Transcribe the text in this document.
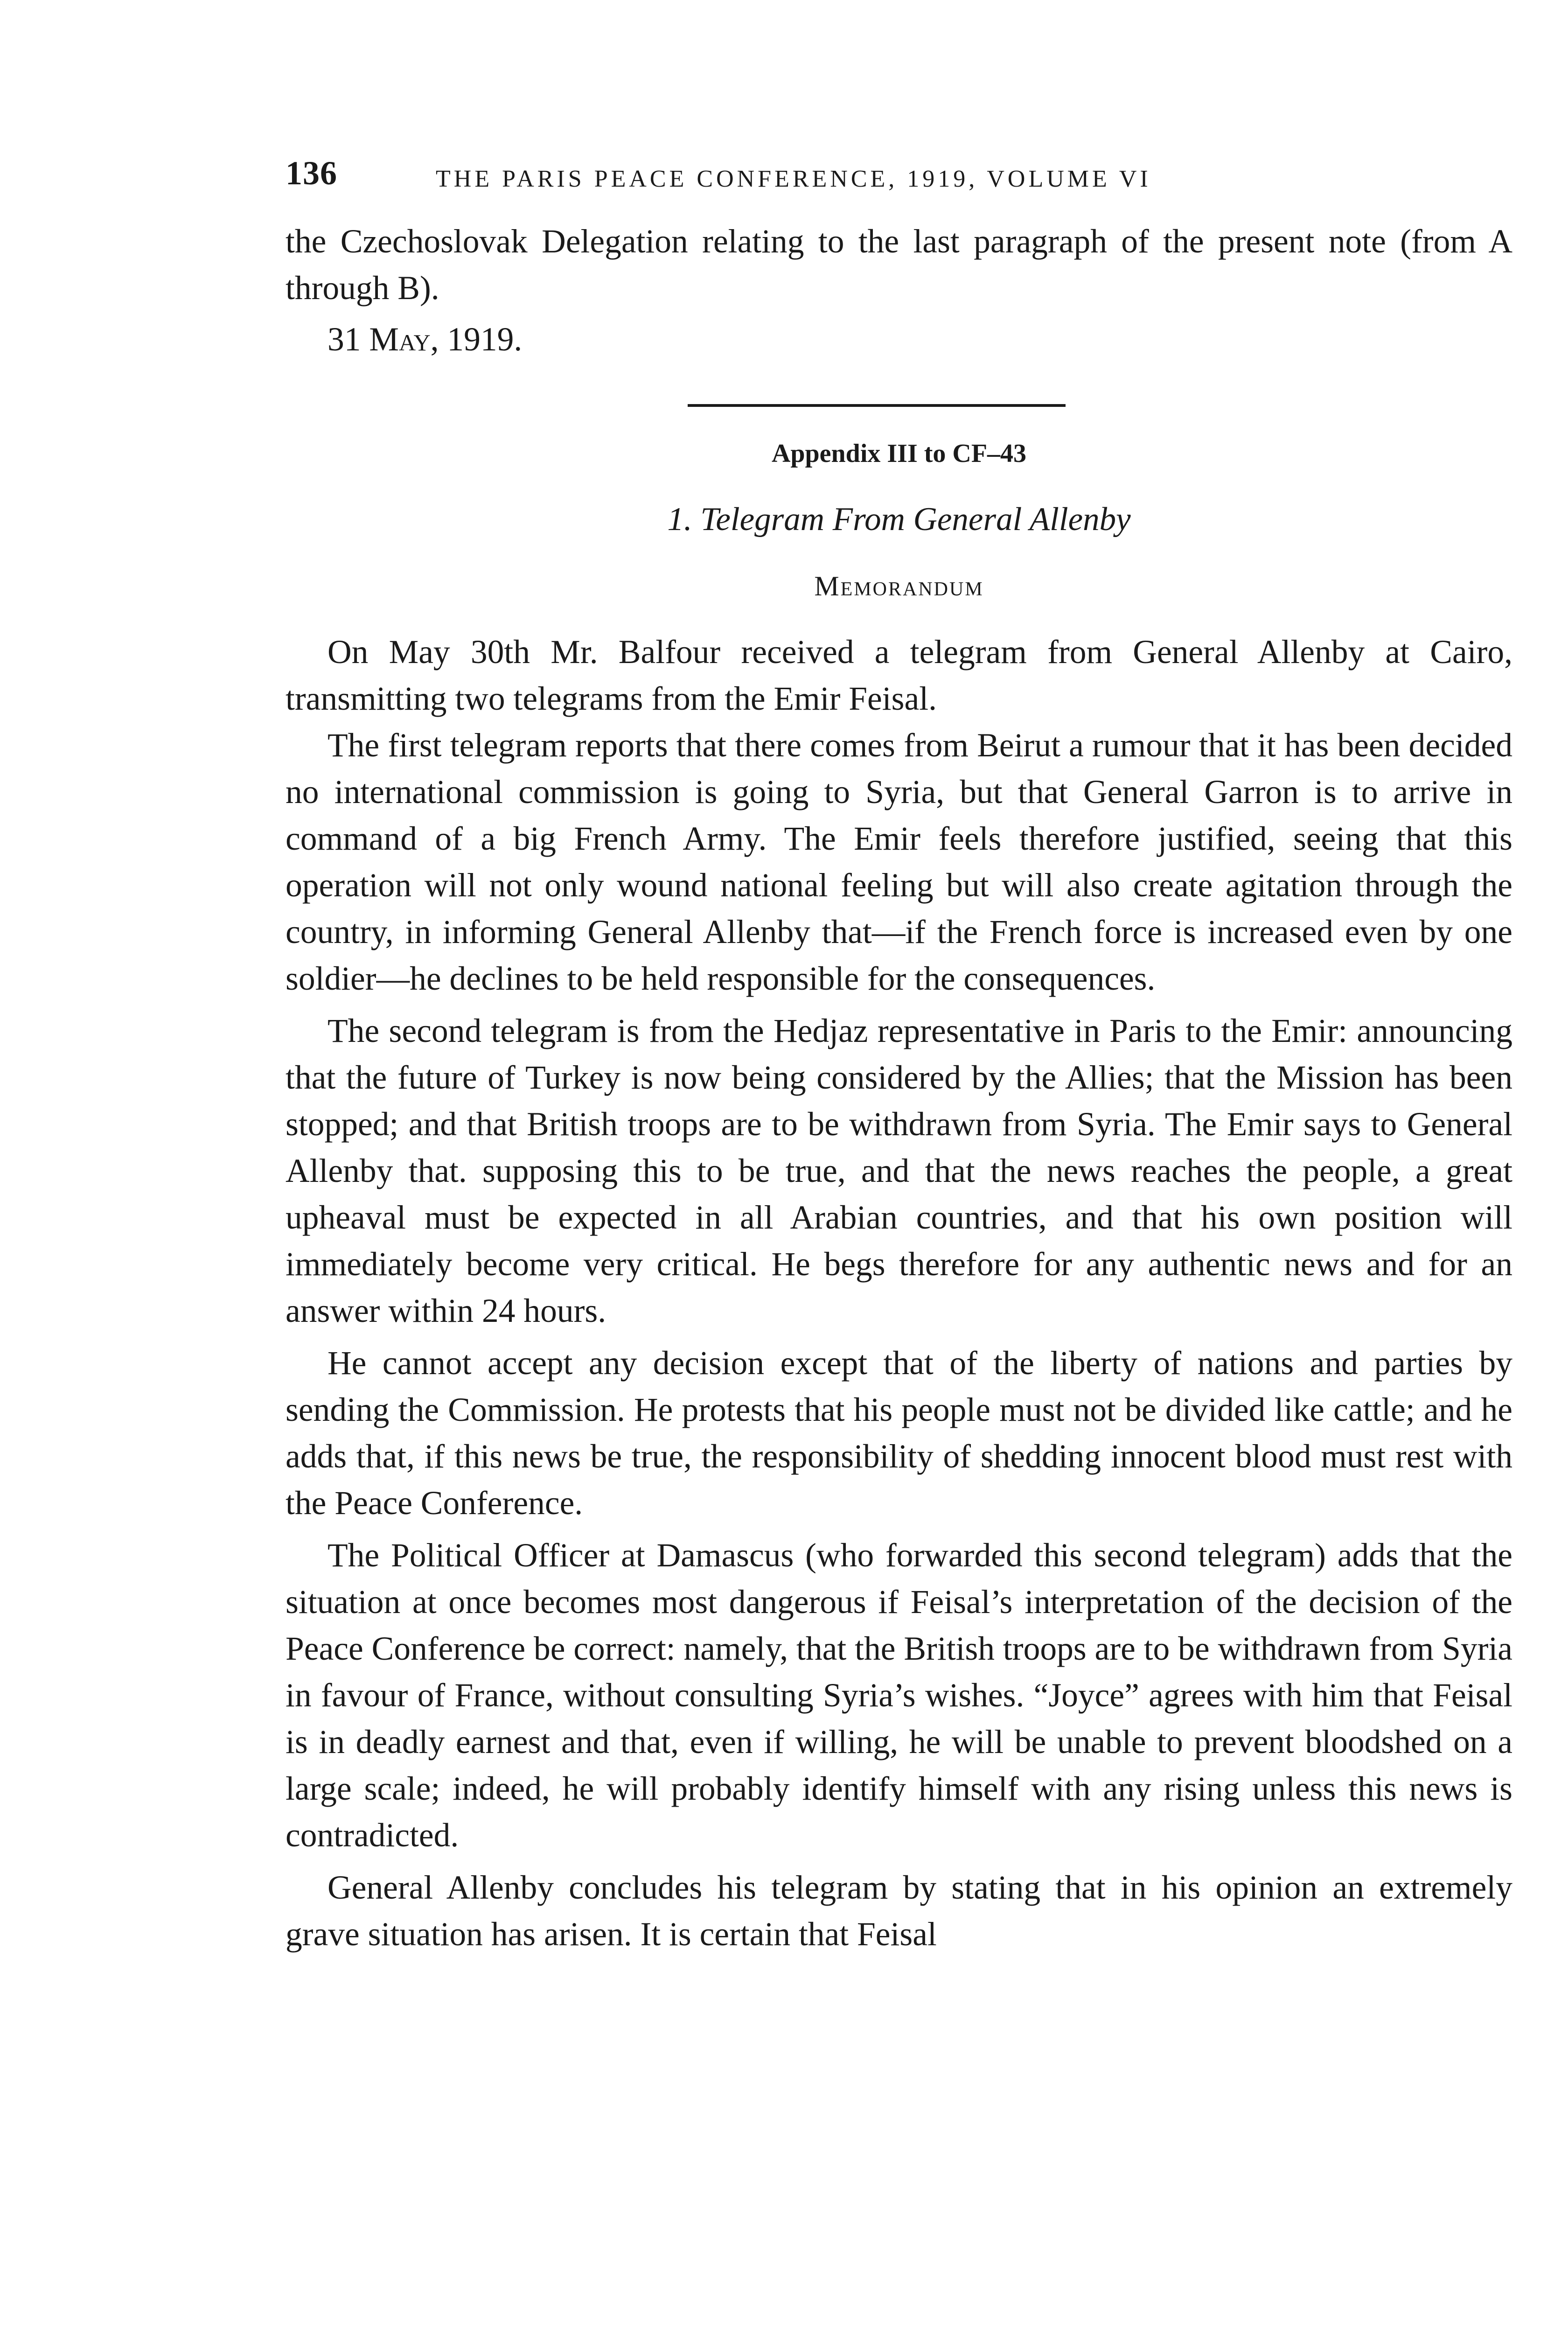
136	THE PARIS PEACE CONFERENCE, 1919, VOLUME VI

the Czechoslovak Delegation relating to the last paragraph of the present note (from A through B).

31 May, 1919.

Appendix III to CF–43
1. Telegram From General Allenby
Memorandum

On May 30th Mr. Balfour received a telegram from General Allenby at Cairo, transmitting two telegrams from the Emir Feisal.

The first telegram reports that there comes from Beirut a rumour that it has been decided no international commission is going to Syria, but that General Garron is to arrive in command of a big French Army. The Emir feels therefore justified, seeing that this operation will not only wound national feeling but will also create agitation through the country, in informing General Allenby that—if the French force is increased even by one soldier—he declines to be held responsible for the consequences.

The second telegram is from the Hedjaz representative in Paris to the Emir: announcing that the future of Turkey is now being considered by the Allies; that the Mission has been stopped; and that British troops are to be withdrawn from Syria. The Emir says to General Allenby that. supposing this to be true, and that the news reaches the people, a great upheaval must be expected in all Arabian countries, and that his own position will immediately become very critical. He begs therefore for any authentic news and for an answer within 24 hours.

He cannot accept any decision except that of the liberty of nations and parties by sending the Commission. He protests that his people must not be divided like cattle; and he adds that, if this news be true, the responsibility of shedding innocent blood must rest with the Peace Conference.

The Political Officer at Damascus (who forwarded this second telegram) adds that the situation at once becomes most dangerous if Feisal’s interpretation of the decision of the Peace Conference be correct: namely, that the British troops are to be withdrawn from Syria in favour of France, without consulting Syria’s wishes. “Joyce” agrees with him that Feisal is in deadly earnest and that, even if willing, he will be unable to prevent bloodshed on a large scale; indeed, he will probably identify himself with any rising unless this news is contradicted.

General Allenby concludes his telegram by stating that in his opinion an extremely grave situation has arisen. It is certain that Feisal
